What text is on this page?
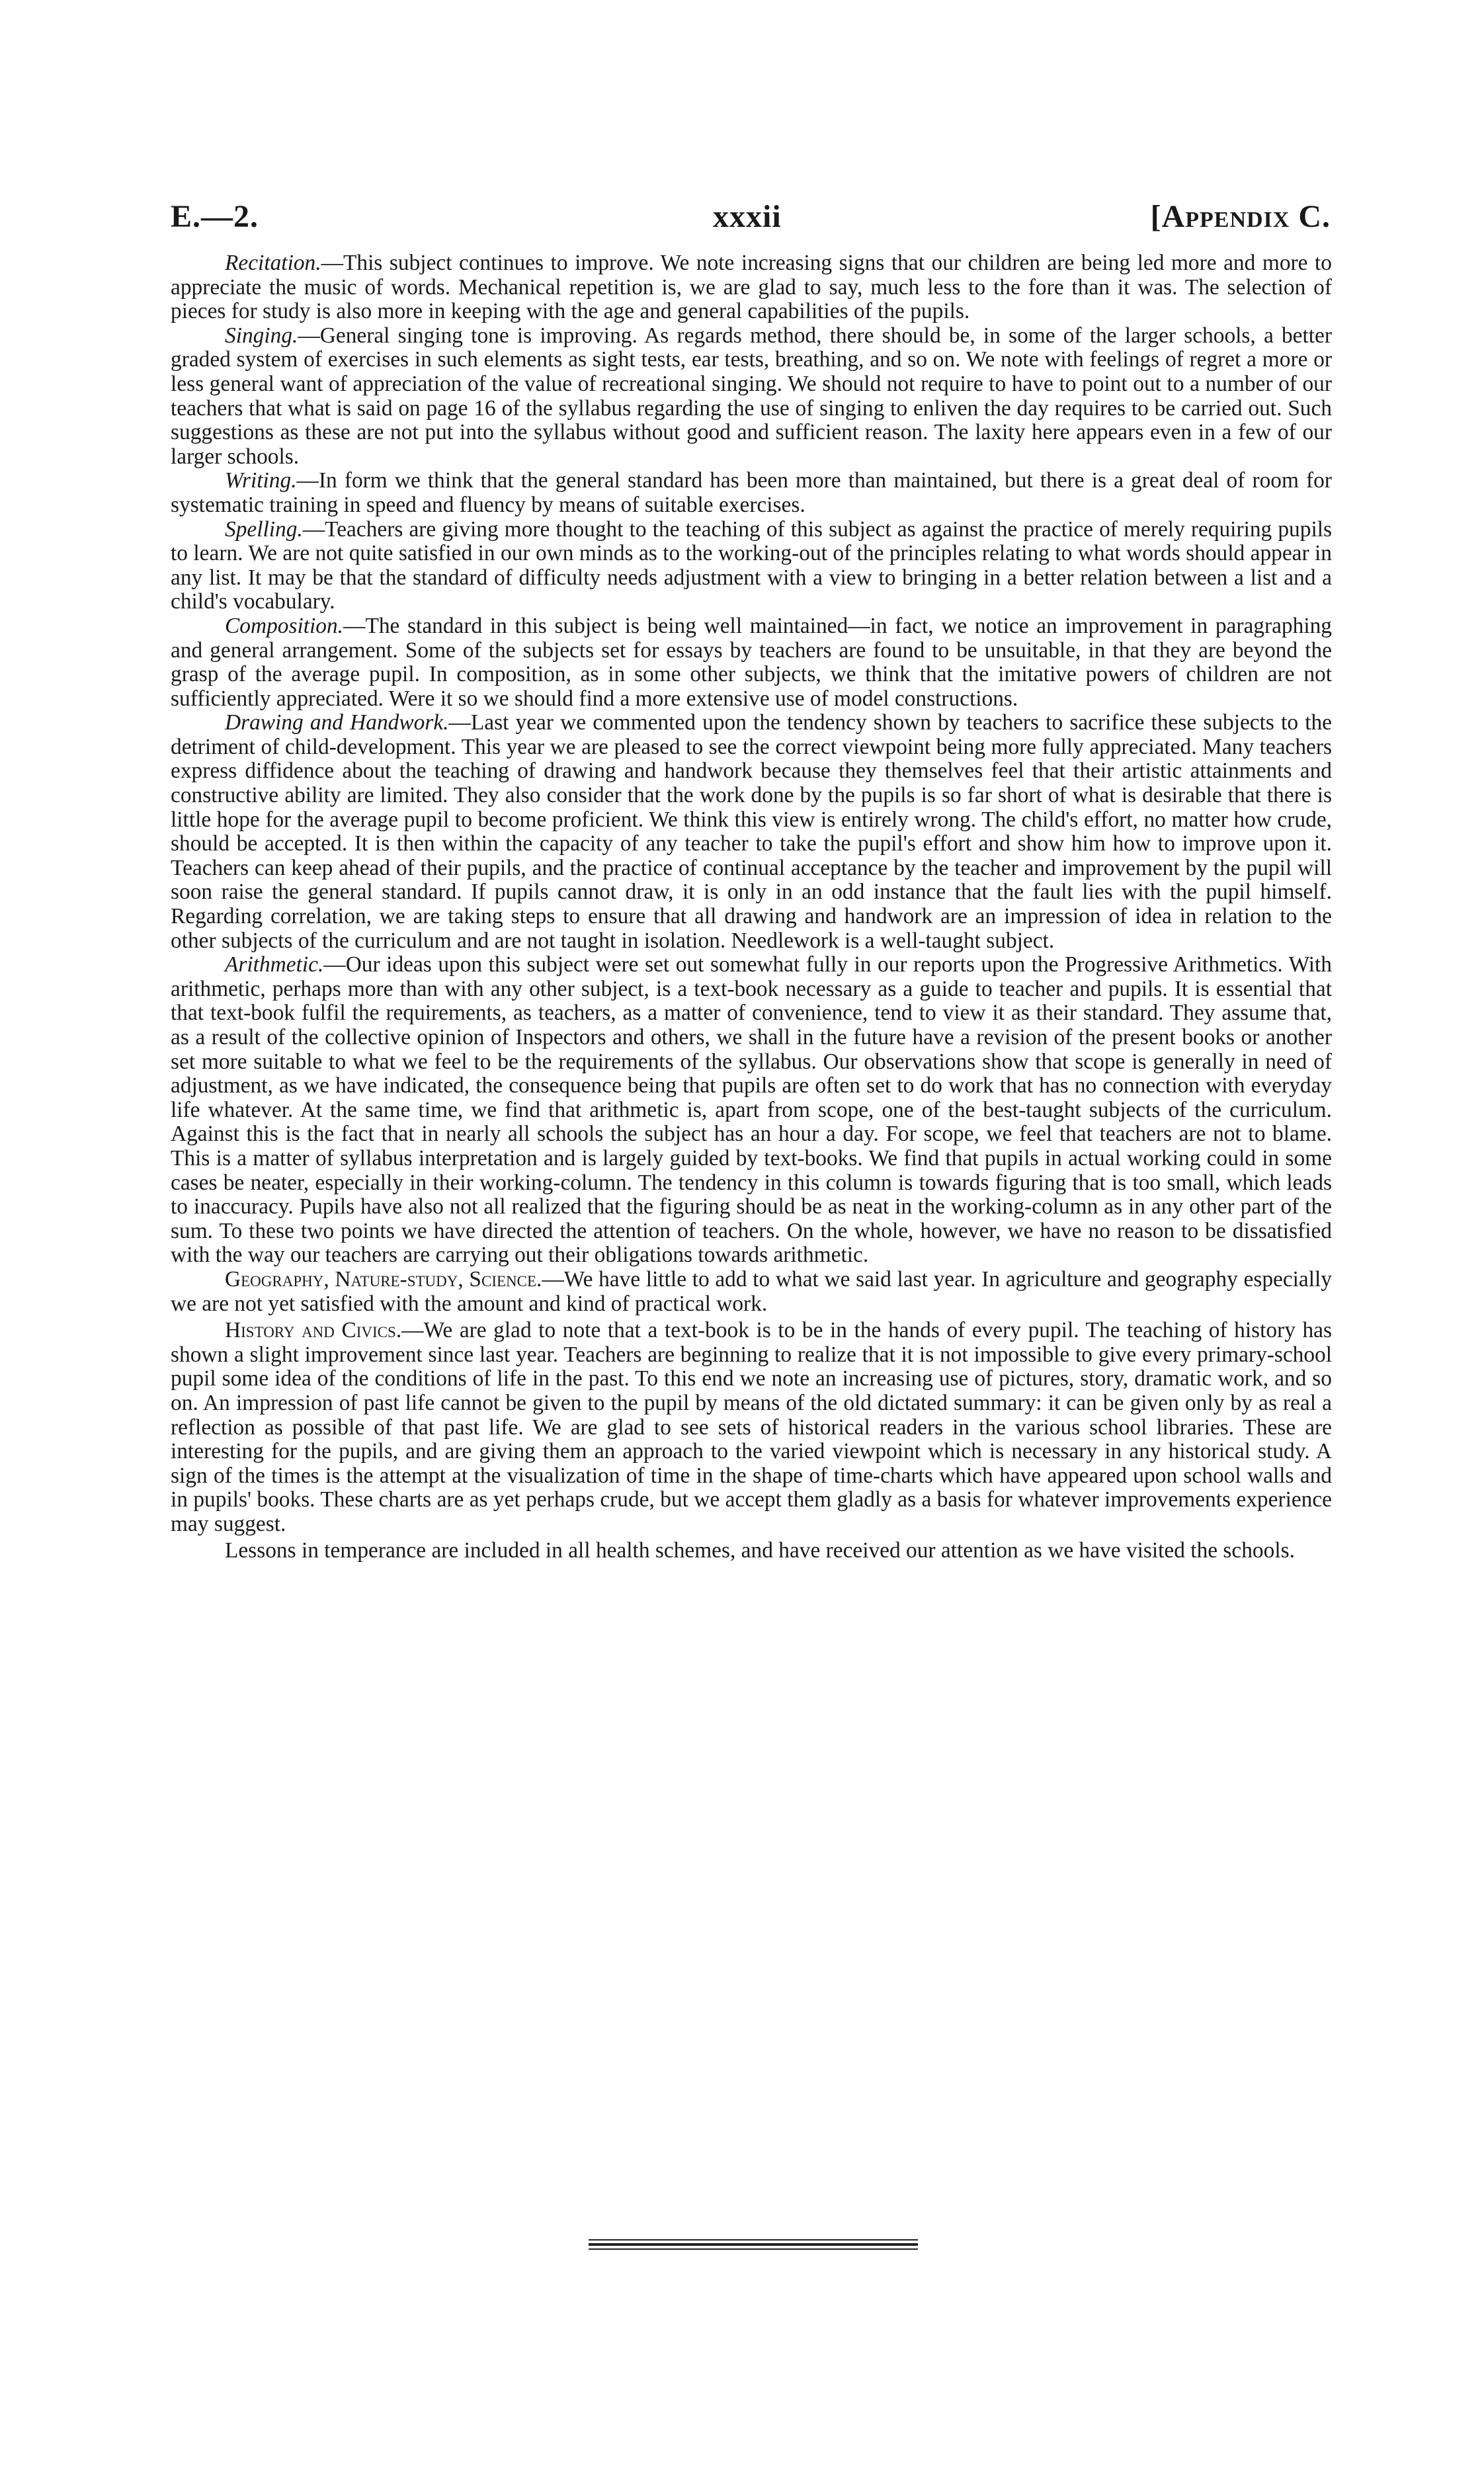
E.—2.	xxxii	[Appendix C.

Recitation.—This subject continues to improve. We note increasing signs that our children are being led more and more to appreciate the music of words. Mechanical repetition is, we are glad to say, much less to the fore than it was. The selection of pieces for study is also more in keeping with the age and general capabilities of the pupils.

Singing.—General singing tone is improving. As regards method, there should be, in some of the larger schools, a better graded system of exercises in such elements as sight tests, ear tests, breathing, and so on. We note with feelings of regret a more or less general want of appreciation of the value of recreational singing. We should not require to have to point out to a number of our teachers that what is said on page 16 of the syllabus regarding the use of singing to enliven the day requires to be carried out. Such suggestions as these are not put into the syllabus without good and sufficient reason. The laxity here appears even in a few of our larger schools.

Writing.—In form we think that the general standard has been more than maintained, but there is a great deal of room for systematic training in speed and fluency by means of suitable exercises.

Spelling.—Teachers are giving more thought to the teaching of this subject as against the practice of merely requiring pupils to learn. We are not quite satisfied in our own minds as to the working-out of the principles relating to what words should appear in any list. It may be that the standard of difficulty needs adjustment with a view to bringing in a better relation between a list and a child's vocabulary.

Composition.—The standard in this subject is being well maintained—in fact, we notice an improvement in paragraphing and general arrangement. Some of the subjects set for essays by teachers are found to be unsuitable, in that they are beyond the grasp of the average pupil. In composition, as in some other subjects, we think that the imitative powers of children are not sufficiently appreciated. Were it so we should find a more extensive use of model constructions.

Drawing and Handwork.—Last year we commented upon the tendency shown by teachers to sacrifice these subjects to the detriment of child-development. This year we are pleased to see the correct viewpoint being more fully appreciated. Many teachers express diffidence about the teaching of drawing and handwork because they themselves feel that their artistic attainments and constructive ability are limited. They also consider that the work done by the pupils is so far short of what is desirable that there is little hope for the average pupil to become proficient. We think this view is entirely wrong. The child's effort, no matter how crude, should be accepted. It is then within the capacity of any teacher to take the pupil's effort and show him how to improve upon it. Teachers can keep ahead of their pupils, and the practice of continual acceptance by the teacher and improvement by the pupil will soon raise the general standard. If pupils cannot draw, it is only in an odd instance that the fault lies with the pupil himself. Regarding correlation, we are taking steps to ensure that all drawing and handwork are an impression of idea in relation to the other subjects of the curriculum and are not taught in isolation. Needlework is a well-taught subject.

Arithmetic.—Our ideas upon this subject were set out somewhat fully in our reports upon the Progressive Arithmetics. With arithmetic, perhaps more than with any other subject, is a text-book necessary as a guide to teacher and pupils. It is essential that that text-book fulfil the requirements, as teachers, as a matter of convenience, tend to view it as their standard. They assume that, as a result of the collective opinion of Inspectors and others, we shall in the future have a revision of the present books or another set more suitable to what we feel to be the requirements of the syllabus. Our observations show that scope is generally in need of adjustment, as we have indicated, the consequence being that pupils are often set to do work that has no connection with everyday life whatever. At the same time, we find that arithmetic is, apart from scope, one of the best-taught subjects of the curriculum. Against this is the fact that in nearly all schools the subject has an hour a day. For scope, we feel that teachers are not to blame. This is a matter of syllabus interpretation and is largely guided by text-books. We find that pupils in actual working could in some cases be neater, especially in their working-column. The tendency in this column is towards figuring that is too small, which leads to inaccuracy. Pupils have also not all realized that the figuring should be as neat in the working-column as in any other part of the sum. To these two points we have directed the attention of teachers. On the whole, however, we have no reason to be dissatisfied with the way our teachers are carrying out their obligations towards arithmetic.

Geography, Nature-study, Science.—We have little to add to what we said last year. In agriculture and geography especially we are not yet satisfied with the amount and kind of practical work.

History and Civics.—We are glad to note that a text-book is to be in the hands of every pupil. The teaching of history has shown a slight improvement since last year. Teachers are beginning to realize that it is not impossible to give every primary-school pupil some idea of the conditions of life in the past. To this end we note an increasing use of pictures, story, dramatic work, and so on. An impression of past life cannot be given to the pupil by means of the old dictated summary: it can be given only by as real a reflection as possible of that past life. We are glad to see sets of historical readers in the various school libraries. These are interesting for the pupils, and are giving them an approach to the varied viewpoint which is necessary in any historical study. A sign of the times is the attempt at the visualization of time in the shape of time-charts which have appeared upon school walls and in pupils' books. These charts are as yet perhaps crude, but we accept them gladly as a basis for whatever improvements experience may suggest.

Lessons in temperance are included in all health schemes, and have received our attention as we have visited the schools.
